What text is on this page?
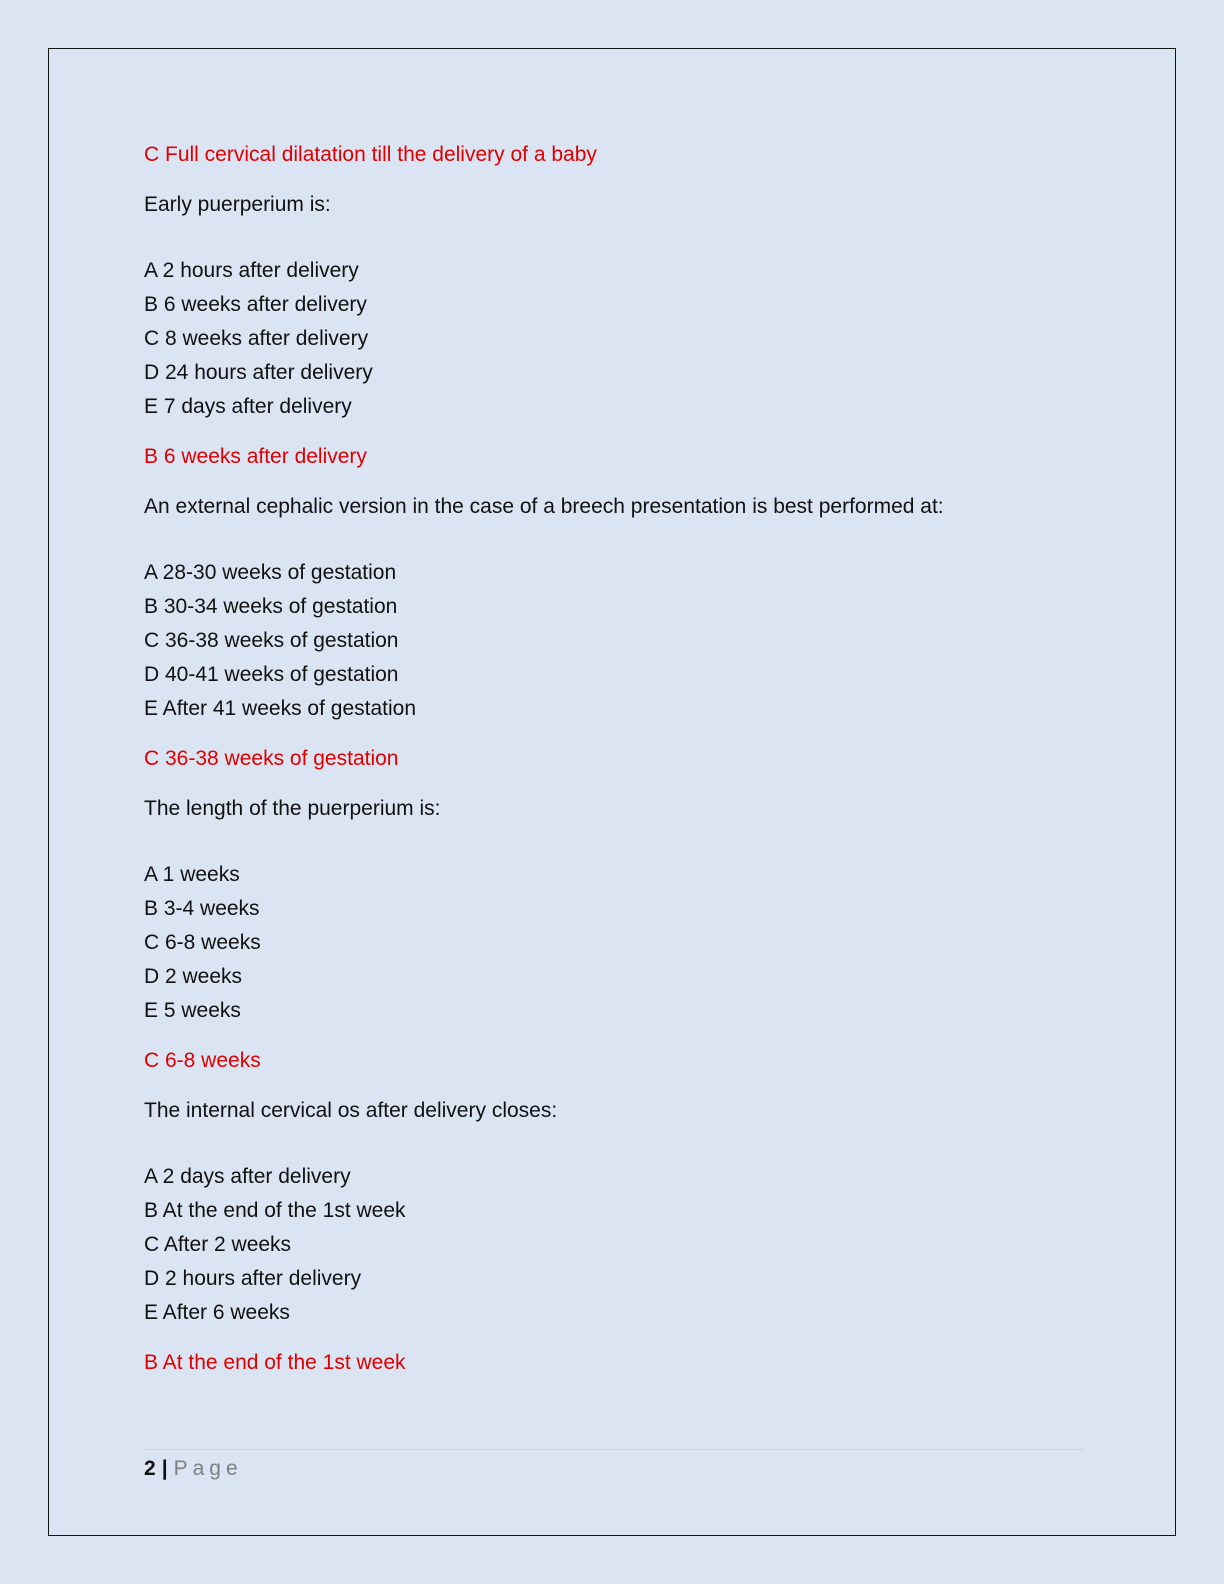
C Full cervical dilatation till the delivery of a baby
Early puerperium is:
A 2 hours after delivery
B 6 weeks after delivery
C 8 weeks after delivery
D 24 hours after delivery
E 7 days after delivery
B 6 weeks after delivery
An external cephalic version in the case of a breech presentation is best performed at:
A 28-30 weeks of gestation
B 30-34 weeks of gestation
C 36-38 weeks of gestation
D 40-41 weeks of gestation
E After 41 weeks of gestation
C 36-38 weeks of gestation
The length of the puerperium is:
A 1 weeks
B 3-4 weeks
C 6-8 weeks
D 2 weeks
E 5 weeks
C 6-8 weeks
The internal cervical os after delivery closes:
A 2 days after delivery
B At the end of the 1st week
C After 2 weeks
D 2 hours after delivery
E After 6 weeks
B At the end of the 1st week
2 | Page
